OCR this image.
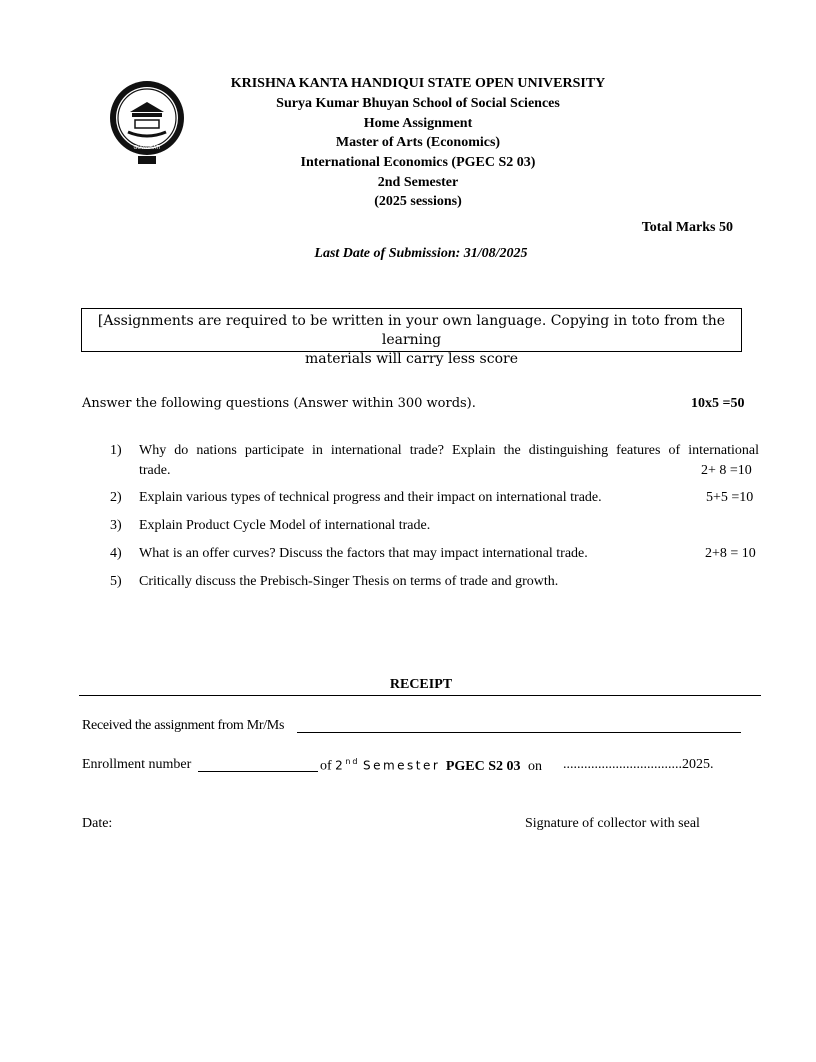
GUWAHATI
KRISHNA KANTA HANDIQUI STATE OPEN UNIVERSITY
Surya Kumar Bhuyan School of Social Sciences
Home Assignment
Master of Arts (Economics)
International Economics (PGEC S2 03)
2nd Semester
(2025 sessions)
Total Marks 50
Last Date of Submission: 31/08/2025
[Assignments are required to be written in your own language. Copying in toto from the learning
materials will carry less score
Answer the following questions (Answer within 300 words).	10x5 =50
1) Why do nations participate in international trade? Explain the distinguishing features of international
trade.	2+ 8 =10
2) Explain various types of technical progress and their impact on international trade.	5+5 =10
3) Explain Product Cycle Model of international trade.
4) What is an offer curves? Discuss the factors that may impact international trade.	2+8 = 10
5) Critically discuss the Prebisch-Singer Thesis on terms of trade and growth.
RECEIPT
Received the assignment from Mr/Ms
Enrollment number	of 2nd Semester PGEC S2 03 on ..................................2025.
Date:	Signature of collector with seal
